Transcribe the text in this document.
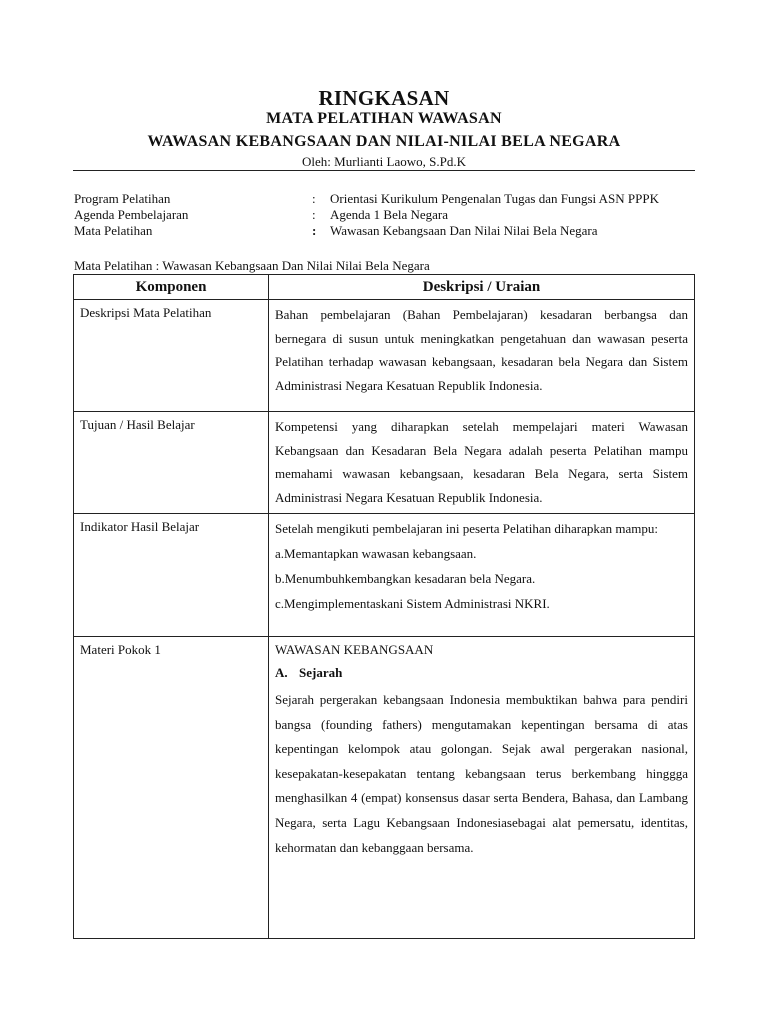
RINGKASAN
MATA PELATIHAN WAWASAN
WAWASAN KEBANGSAAN DAN NILAI-NILAI BELA NEGARA
Oleh: Murlianti Laowo, S.Pd.K
Program Pelatihan	: Orientasi Kurikulum Pengenalan Tugas dan Fungsi ASN PPPK
Agenda Pembelajaran	: Agenda 1 Bela Negara
Mata Pelatihan	: Wawasan Kebangsaan Dan Nilai Nilai Bela Negara
Mata Pelatihan : Wawasan Kebangsaan Dan Nilai Nilai Bela Negara
Komponen	Deskripsi / Uraian
Deskripsi Mata Pelatihan	Bahan pembelajaran (Bahan Pembelajaran) kesadaran berbangsa dan bernegara di susun untuk meningkatkan pengetahuan dan wawasan peserta Pelatihan terhadap wawasan kebangsaan, kesadaran bela Negara dan Sistem Administrasi Negara Kesatuan Republik Indonesia.

Tujuan / Hasil Belajar	Kompetensi yang diharapkan setelah mempelajari materi Wawasan Kebangsaan dan Kesadaran Bela Negara adalah peserta Pelatihan mampu memahami wawasan kebangsaan, kesadaran Bela Negara, serta Sistem Administrasi Negara Kesatuan Republik Indonesia.

Indikator Hasil Belajar	Setelah mengikuti pembelajaran ini peserta Pelatihan diharapkan mampu:

a.Memantapkan wawasan kebangsaan.

b.Menumbuhkembangkan kesadaran bela Negara.

c.Mengimplementaskani Sistem Administrasi NKRI.

Materi Pokok 1	WAWASAN KEBANGSAAN

A. Sejarah

Sejarah pergerakan kebangsaan Indonesia membuktikan bahwa para pendiri bangsa (founding fathers) mengutamakan kepentingan bersama di atas kepentingan kelompok atau golongan. Sejak awal pergerakan nasional, kesepakatan-kesepakatan tentang kebangsaan terus berkembang hinggga menghasilkan 4 (empat) konsensus dasar serta Bendera, Bahasa, dan Lambang Negara, serta Lagu Kebangsaan Indonesiasebagai alat pemersatu, identitas, kehormatan dan kebanggaan bersama.
